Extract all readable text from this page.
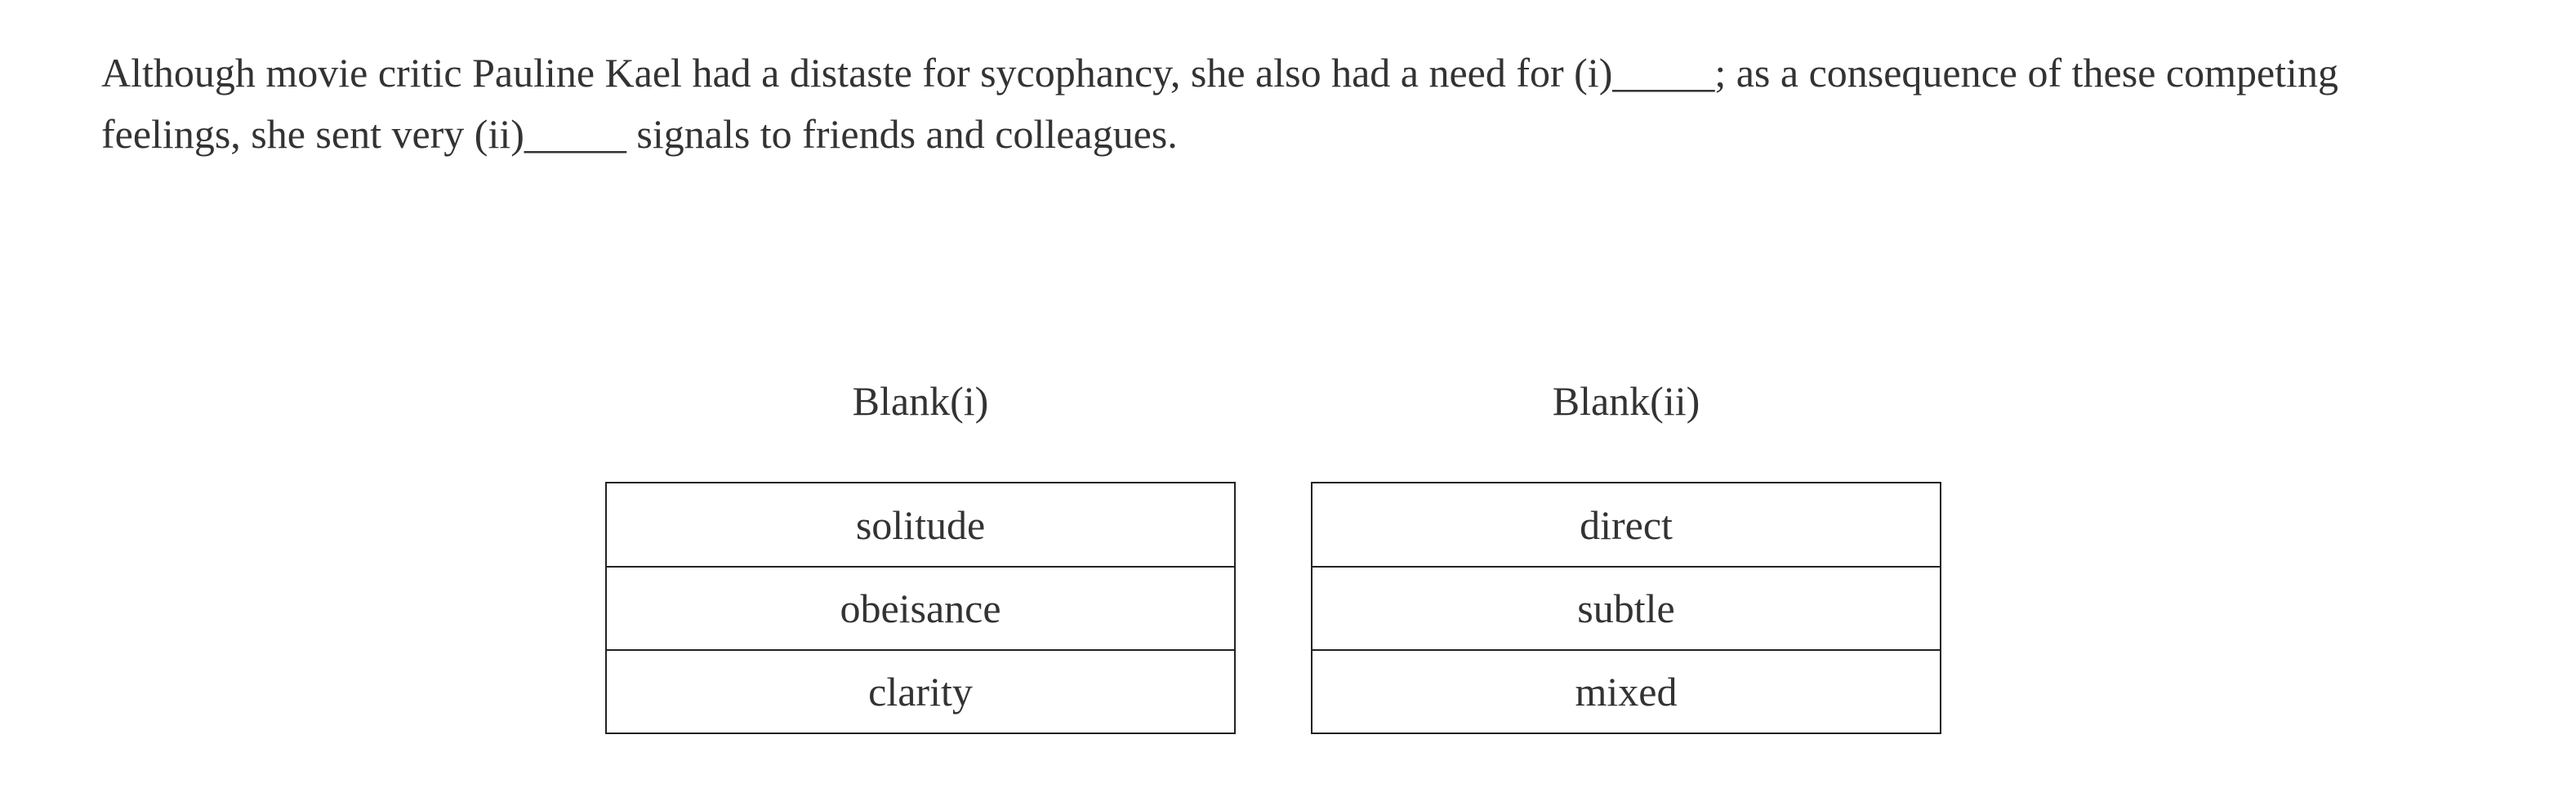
Although movie critic Pauline Kael had a distaste for sycophancy, she also had a need for (i)_____; as a consequence of these competing feelings, she sent very (ii)_____ signals to friends and colleagues.

Blank(i)
solitude
obeisance
clarity
Blank(ii)
direct
subtle
mixed
